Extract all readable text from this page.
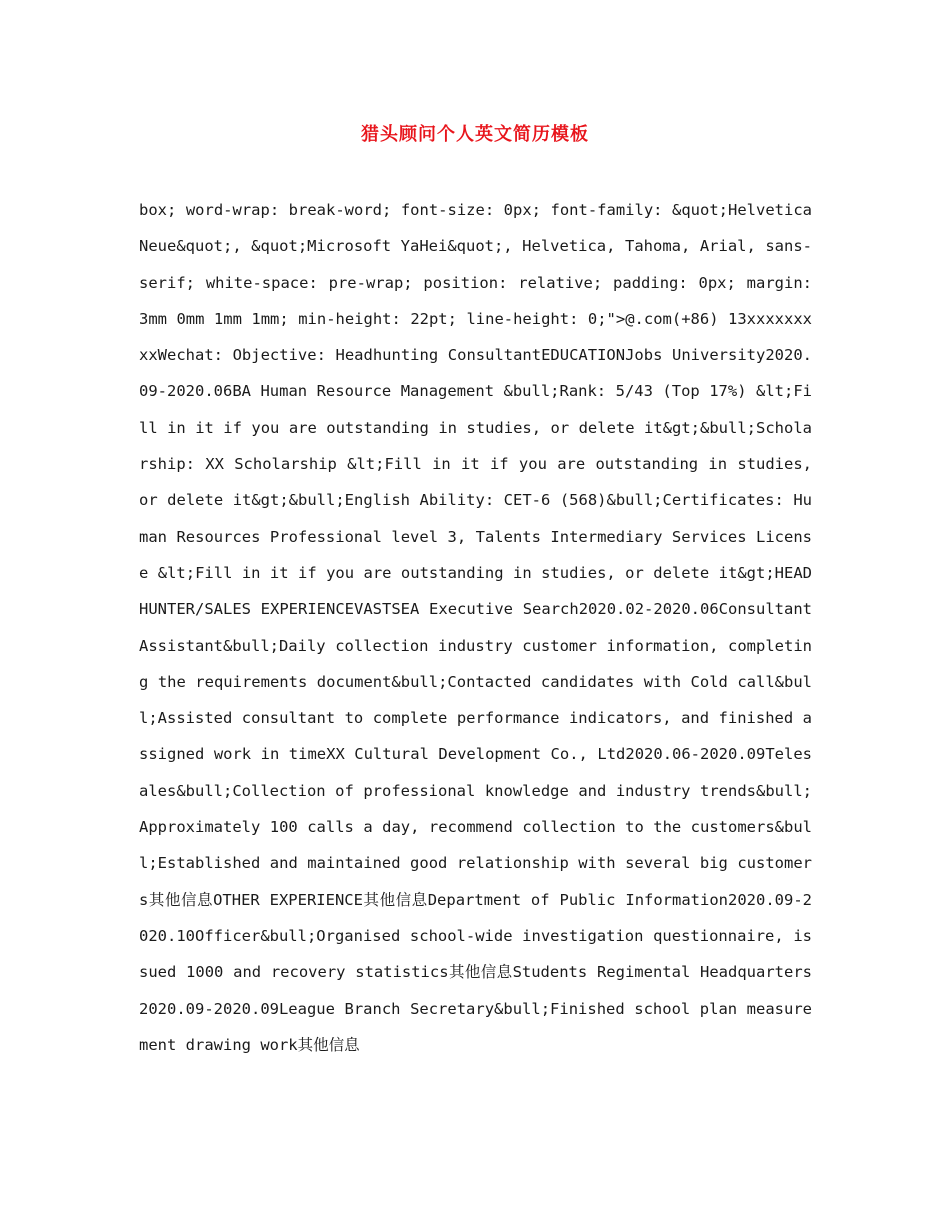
猎头顾问个人英文简历模板
box; word-wrap: break-word; font-size: 0px; font-family: &quot;Helvetica Neue&quot;, &quot;Microsoft YaHei&quot;, Helvetica, Tahoma, Arial, sans-serif; white-space: pre-wrap; position: relative; padding: 0px; margin: 3mm 0mm 1mm 1mm; min-height: 22pt; line-height: 0;">@.com(+86) 13xxxxxxxxxWechat: Objective: Headhunting ConsultantEDUCATIONJobs University2020.09-2020.06BA Human Resource Management &bull;Rank: 5/43 (Top 17%) &lt;Fill in it if you are outstanding in studies, or delete it&gt;&bull;Scholarship: XX Scholarship &lt;Fill in it if you are outstanding in studies, or delete it&gt;&bull;English Ability: CET-6 (568)&bull;Certificates: Human Resources Professional level 3, Talents Intermediary Services License &lt;Fill in it if you are outstanding in studies, or delete it&gt;HEADHUNTER/SALES EXPERIENCEVASTSEA Executive Search2020.02-2020.06Consultant Assistant&bull;Daily collection industry customer information, completing the requirements document&bull;Contacted candidates with Cold call&bull;Assisted consultant to complete performance indicators, and finished assigned work in timeXX Cultural Development Co., Ltd2020.06-2020.09Telesales&bull;Collection of professional knowledge and industry trends&bull;Approximately 100 calls a day, recommend collection to the customers&bull;Established and maintained good relationship with several big customers其他信息OTHER EXPERIENCE其他信息Department of Public Information2020.09-2020.10Officer&bull;Organised school-wide investigation questionnaire, issued 1000 and recovery statistics其他信息Students Regimental Headquarters2020.09-2020.09League Branch Secretary&bull;Finished school plan measurement drawing work其他信息
